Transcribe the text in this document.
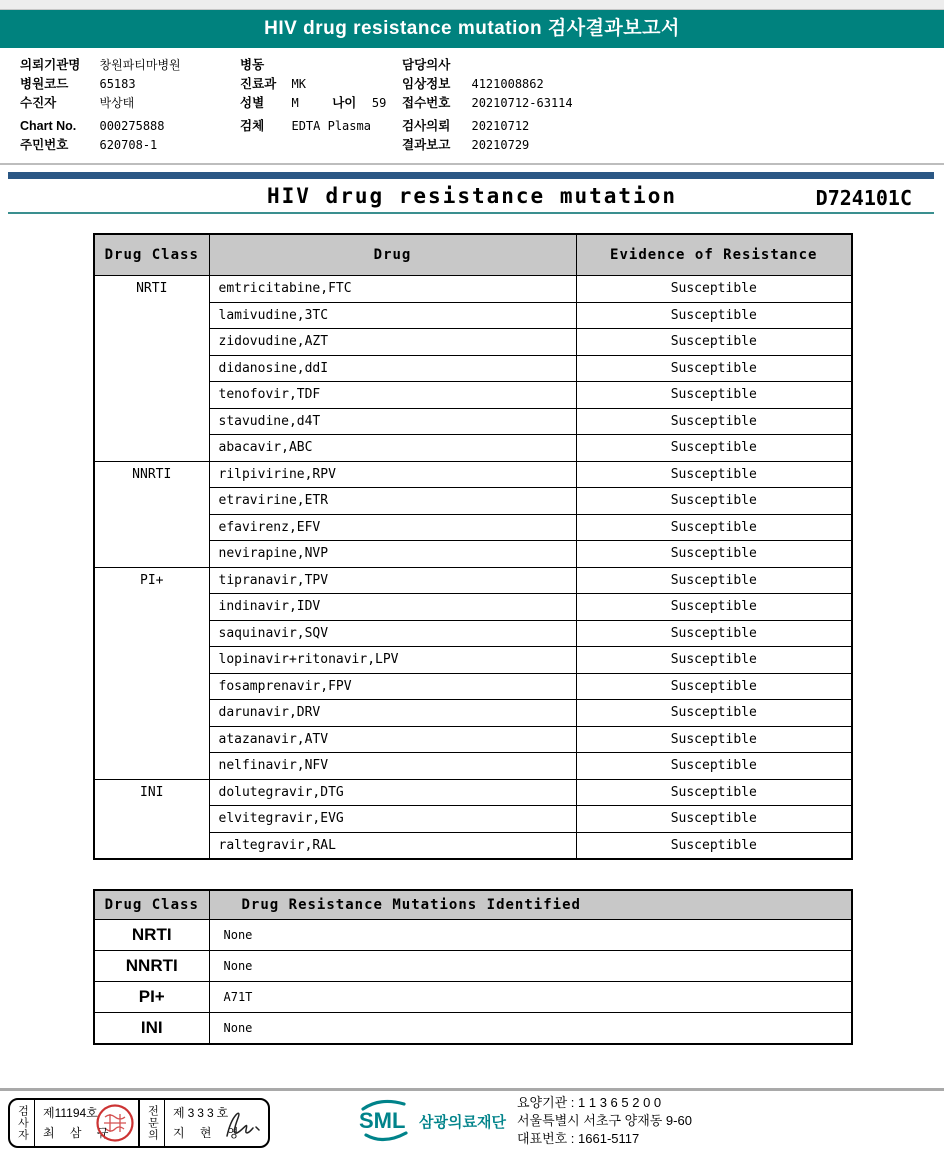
HIV drug resistance mutation 검사결과보고서
의뢰기관명 창원파티마병원
병원코드	65183
수진자	박상태
Chart No. 000275888
주민번호	620708-1
병동
진료과 MK
성별 M	나이 59
검체 EDTA Plasma
담당의사
임상정보 4121008862
접수번호 20210712-63114
검사의뢰 20210712
결과보고 20210729
HIV drug resistance mutation	D724101C
Drug Class	Drug	Evidence of Resistance
NRTI	emtricitabine,FTC	Susceptible
	lamivudine,3TC	Susceptible
	zidovudine,AZT	Susceptible
	didanosine,ddI	Susceptible
	tenofovir,TDF	Susceptible
	stavudine,d4T	Susceptible
	abacavir,ABC	Susceptible
NNRTI	rilpivirine,RPV	Susceptible
	etravirine,ETR	Susceptible
	efavirenz,EFV	Susceptible
	nevirapine,NVP	Susceptible
PI+	tipranavir,TPV	Susceptible
	indinavir,IDV	Susceptible
	saquinavir,SQV	Susceptible
	lopinavir+ritonavir,LPV	Susceptible
	fosamprenavir,FPV	Susceptible
	darunavir,DRV	Susceptible
	atazanavir,ATV	Susceptible
	nelfinavir,NFV	Susceptible
INI	dolutegravir,DTG	Susceptible
	elvitegravir,EVG	Susceptible
	raltegravir,RAL	Susceptible
Drug Class	Drug Resistance Mutations Identified
NRTI	None
NNRTI	None
PI+	A71T
INI	None
검사자 제11194호
최 삼 규	전문의 제333호
지 현 영
SML 삼광의료재단
요양기관 : 1 1 3 6 5 2 0 0
서울특별시 서초구 양재동 9-60
대표번호 : 1661-5117
